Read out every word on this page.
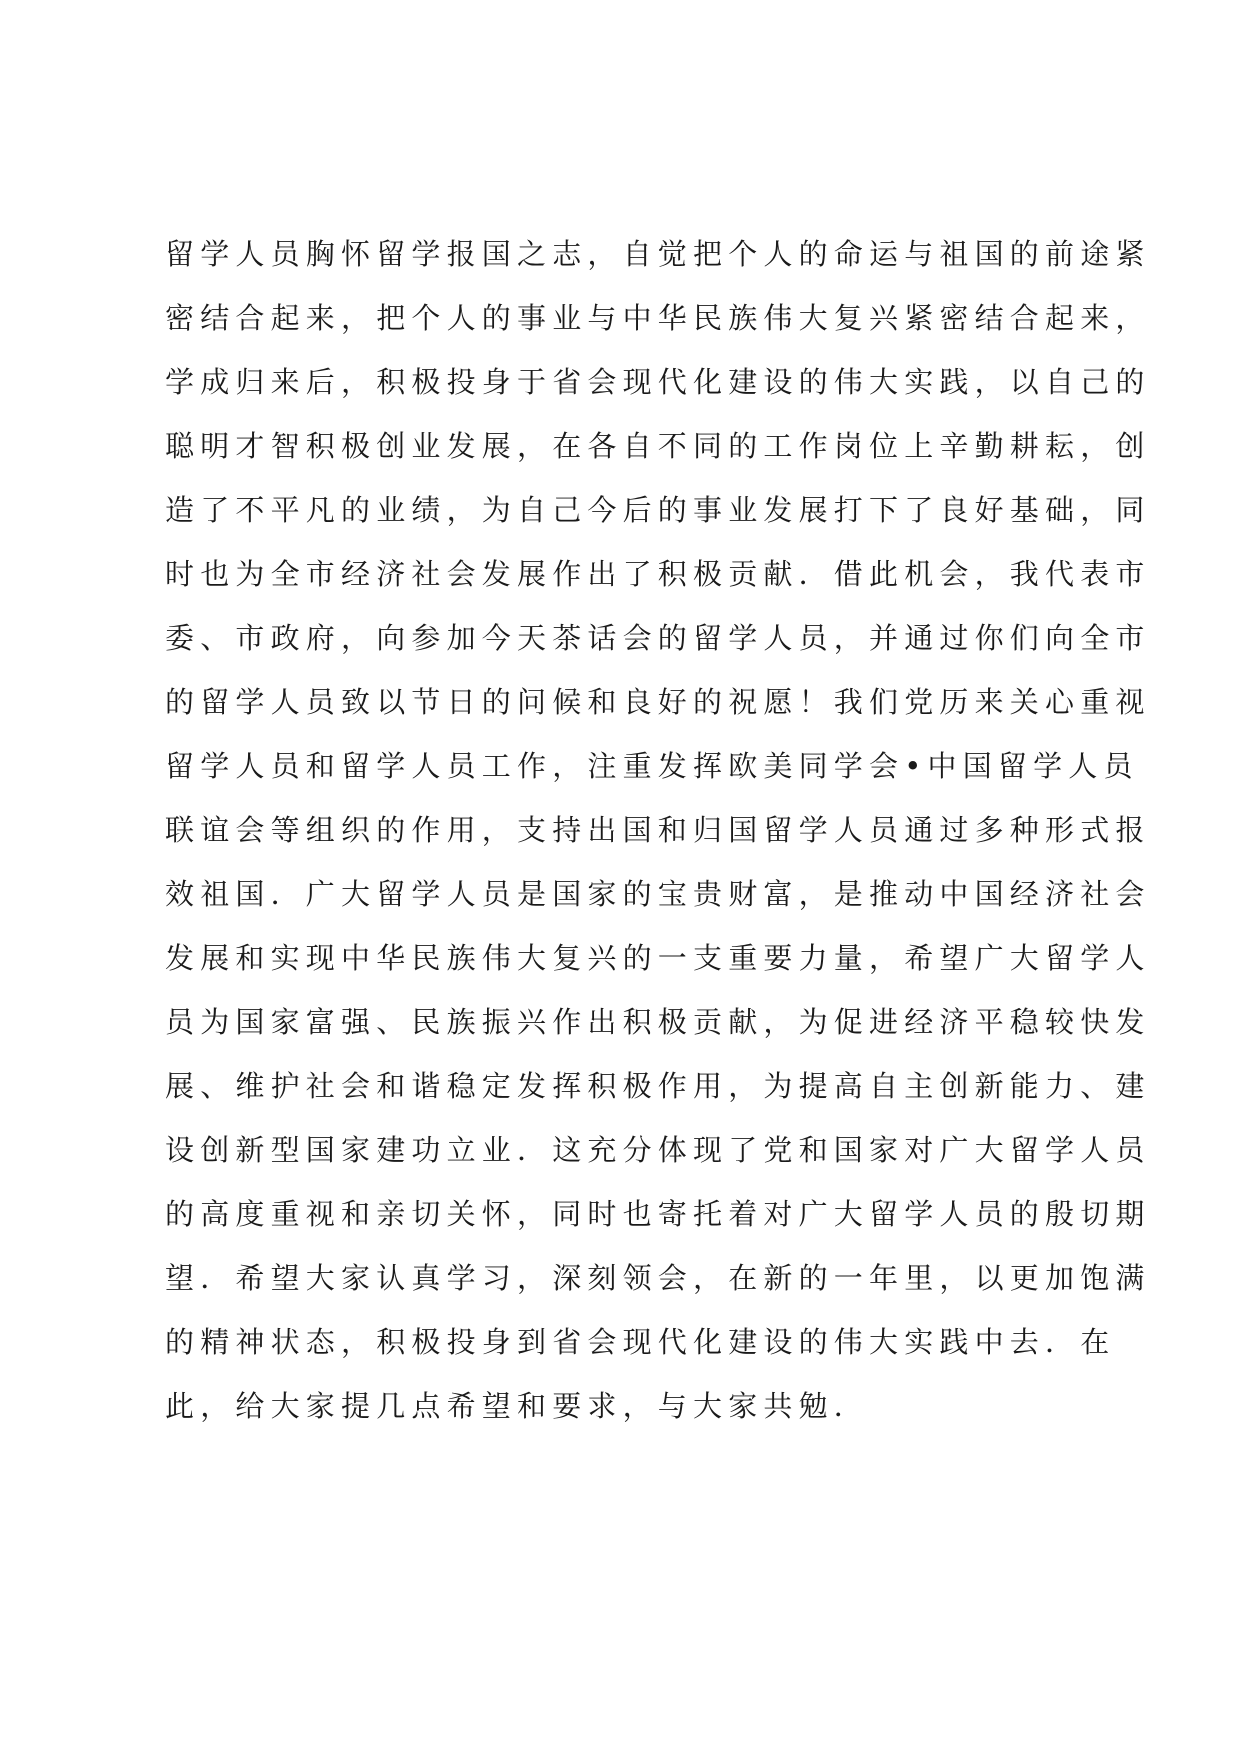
留学人员胸怀留学报国之志，自觉把个人的命运与祖国的前途紧
密结合起来，把个人的事业与中华民族伟大复兴紧密结合起来，
学成归来后，积极投身于省会现代化建设的伟大实践，以自己的
聪明才智积极创业发展，在各自不同的工作岗位上辛勤耕耘，创
造了不平凡的业绩，为自己今后的事业发展打下了良好基础，同
时也为全市经济社会发展作出了积极贡献．借此机会，我代表市
委、市政府，向参加今天茶话会的留学人员，并通过你们向全市
的留学人员致以节日的问候和良好的祝愿！我们党历来关心重视
留学人员和留学人员工作，注重发挥欧美同学会•中国留学人员
联谊会等组织的作用，支持出国和归国留学人员通过多种形式报
效祖国．广大留学人员是国家的宝贵财富，是推动中国经济社会
发展和实现中华民族伟大复兴的一支重要力量，希望广大留学人
员为国家富强、民族振兴作出积极贡献，为促进经济平稳较快发
展、维护社会和谐稳定发挥积极作用，为提高自主创新能力、建
设创新型国家建功立业．这充分体现了党和国家对广大留学人员
的高度重视和亲切关怀，同时也寄托着对广大留学人员的殷切期
望．希望大家认真学习，深刻领会，在新的一年里，以更加饱满
的精神状态，积极投身到省会现代化建设的伟大实践中去．在
此，给大家提几点希望和要求，与大家共勉．
